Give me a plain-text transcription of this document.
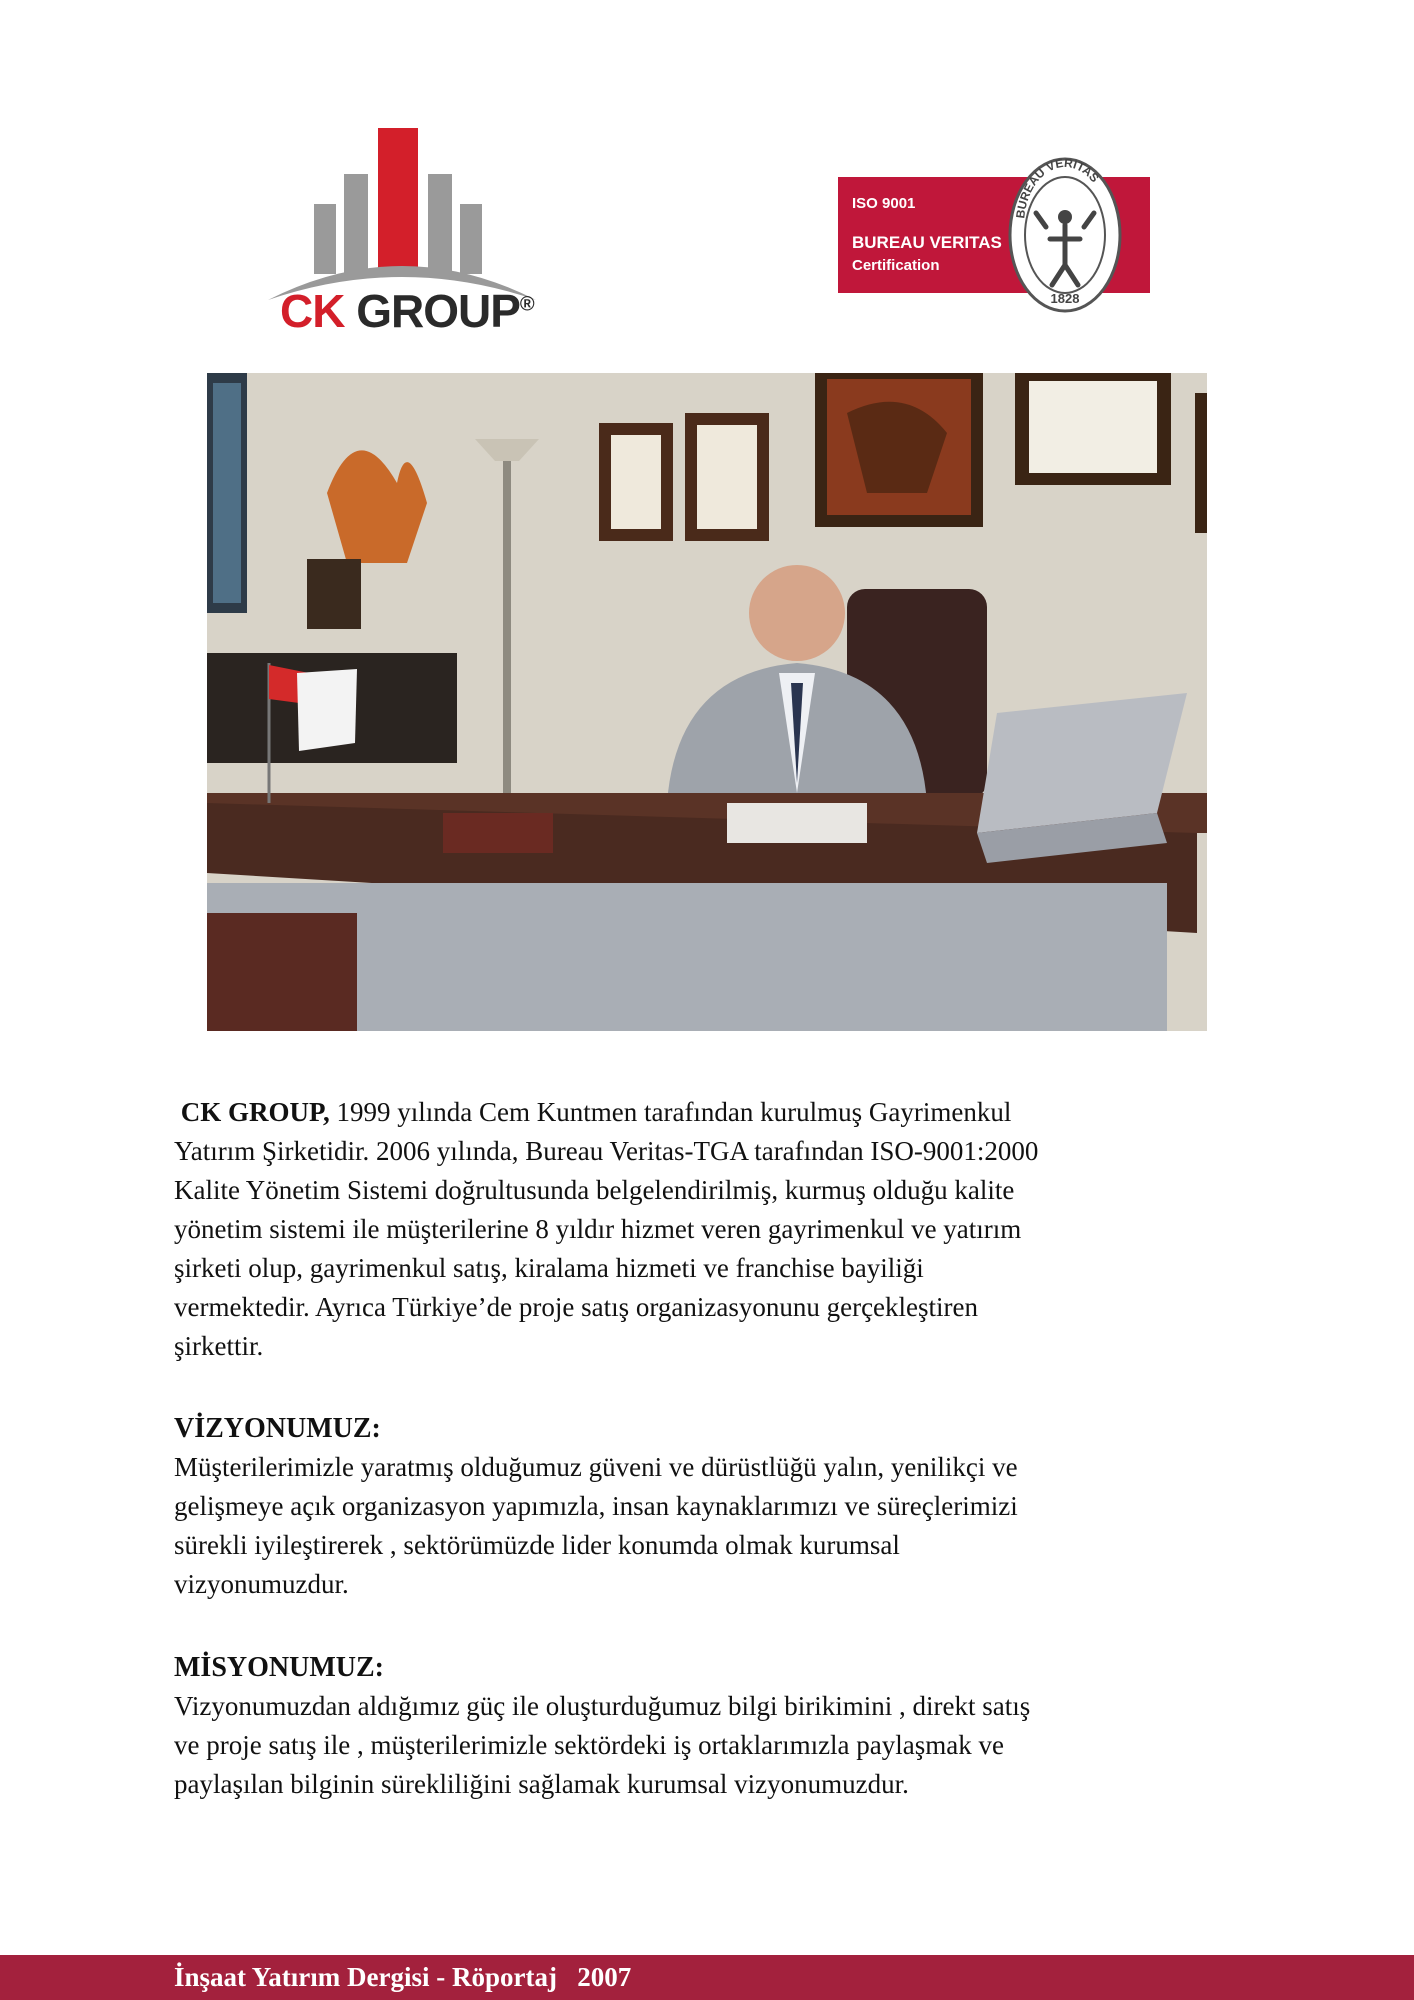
CK GROUP®
ISO 9001
BUREAU VERITAS
Certification
BUREAU VERITAS
1828
CK GROUP, 1999 yılında Cem Kuntmen tarafından kurulmuş Gayrimenkul
Yatırım Şirketidir. 2006 yılında, Bureau Veritas-TGA tarafından ISO-9001:2000
Kalite Yönetim Sistemi doğrultusunda belgelendirilmiş, kurmuş olduğu kalite
yönetim sistemi ile müşterilerine 8 yıldır hizmet veren gayrimenkul ve yatırım
şirketi olup, gayrimenkul satış, kiralama hizmeti ve franchise bayiliği
vermektedir. Ayrıca Türkiye’de proje satış organizasyonunu gerçekleştiren
şirkettir.
VİZYONUMUZ:
Müşterilerimizle yaratmış olduğumuz güveni ve dürüstlüğü yalın, yenilikçi ve
gelişmeye açık organizasyon yapımızla, insan kaynaklarımızı ve süreçlerimizi
sürekli iyileştirerek , sektörümüzde lider konumda olmak kurumsal
vizyonumuzdur.
MİSYONUMUZ:
Vizyonumuzdan aldığımız güç ile oluşturduğumuz bilgi birikimini , direkt satış
ve proje satış ile , müşterilerimizle sektördeki iş ortaklarımızla paylaşmak ve
paylaşılan bilginin sürekliliğini sağlamak kurumsal vizyonumuzdur.
İnşaat Yatırım Dergisi - Röportaj   2007
